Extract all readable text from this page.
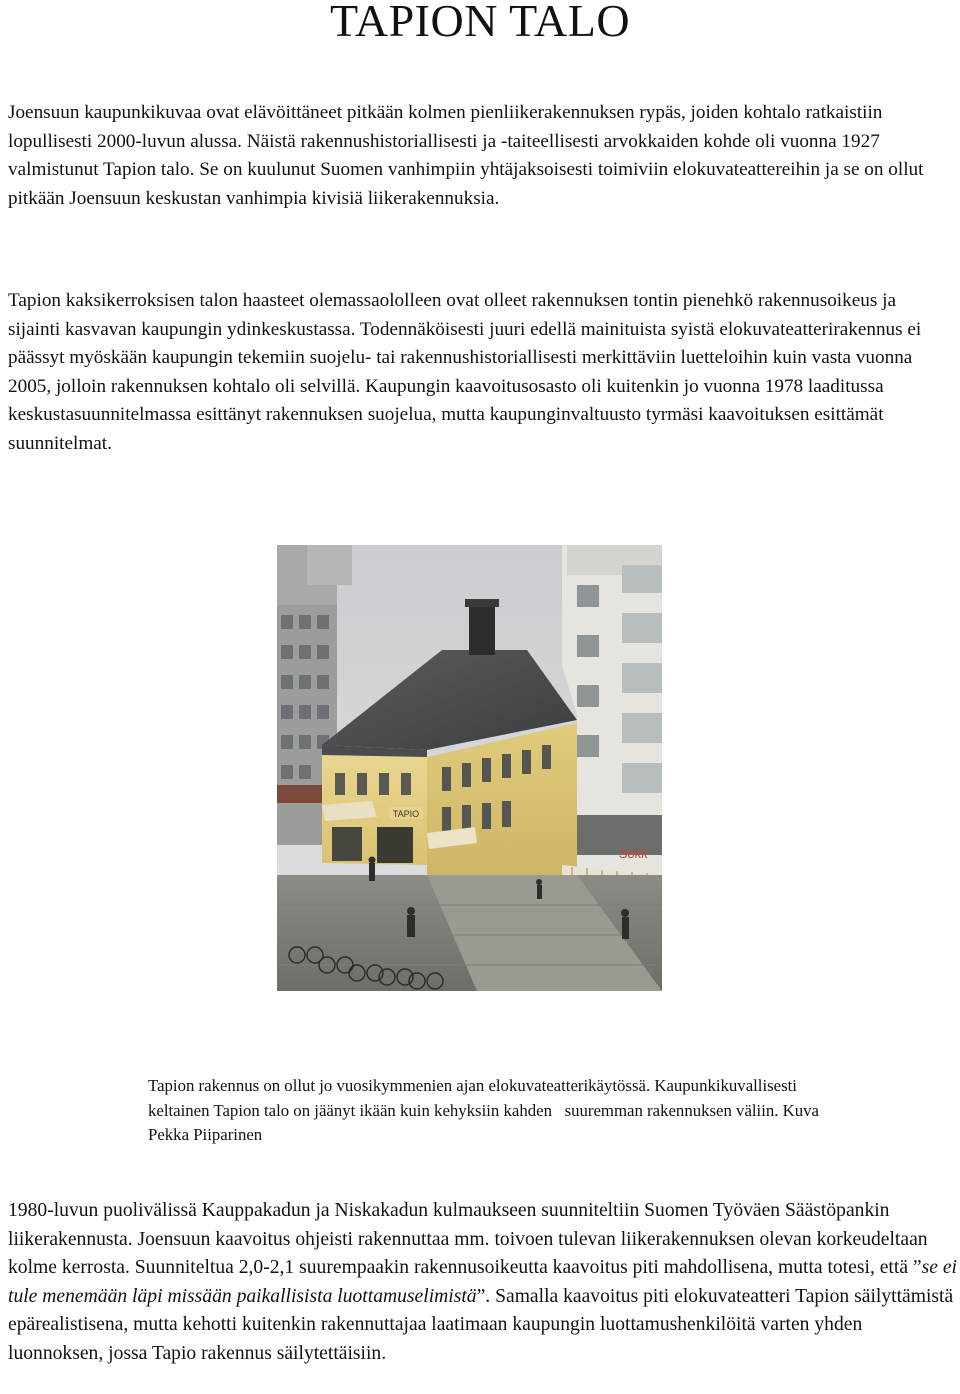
TAPION TALO

Joensuun kaupunkikuvaa ovat elävöittäneet pitkään kolmen pienliikerakennuksen rypäs, joiden kohtalo ratkaistiin lopullisesti 2000-luvun alussa. Näistä rakennushistoriallisesti ja -taiteellisesti arvokkaiden kohde oli vuonna 1927 valmistunut Tapion talo. Se on kuulunut Suomen vanhimpiin yhtäjaksoisesti toimiviin elokuvateattereihin ja se on ollut pitkään Joensuun keskustan vanhimpia kivisiä liikerakennuksia.

Tapion kaksikerroksisen talon haasteet olemassaololleen ovat olleet rakennuksen tontin pienehkö rakennusoikeus ja sijainti kasvavan kaupungin ydinkeskustassa. Todennäköisesti juuri edellä mainituista syistä elokuvateatterirakennus ei päässyt myöskään kaupungin tekemiin suojelu- tai rakennushistoriallisesti merkittäviin luetteloihin kuin vasta vuonna 2005, jolloin rakennuksen kohtalo oli selvillä. Kaupungin kaavoitusosasto oli kuitenkin jo vuonna 1978 laaditussa keskustasuunnitelmassa esittänyt rakennuksen suojelua, mutta kaupunginvaltuusto tyrmäsi kaavoituksen esittämät suunnitelmat.

TAPIO
Sokk

Tapion rakennus on ollut jo vuosikymmenien ajan elokuvateatterikäytössä. Kaupunkikuvallisesti
keltainen Tapion talo on jäänyt ikään kuin kehyksiin kahden suuremman rakennuksen väliin. Kuva
Pekka Piiparinen

1980-luvun puolivälissä Kauppakadun ja Niskakadun kulmaukseen suunniteltiin Suomen Työväen Säästöpankin liikerakennusta. Joensuun kaavoitus ohjeisti rakennuttaa mm. toivoen tulevan liikerakennuksen olevan korkeudeltaan kolme kerrosta. Suunniteltua 2,0-2,1 suurempaakin rakennusoikeutta kaavoitus piti mahdollisena, mutta totesi, että ”se ei tule menemään läpi missään paikallisista luottamuselimistä”. Samalla kaavoitus piti elokuvateatteri Tapion säilyttämistä epärealistisena, mutta kehotti kuitenkin rakennuttajaa laatimaan kaupungin luottamushenkilöitä varten yhden luonnoksen, jossa Tapio rakennus säilytettäisiin.
